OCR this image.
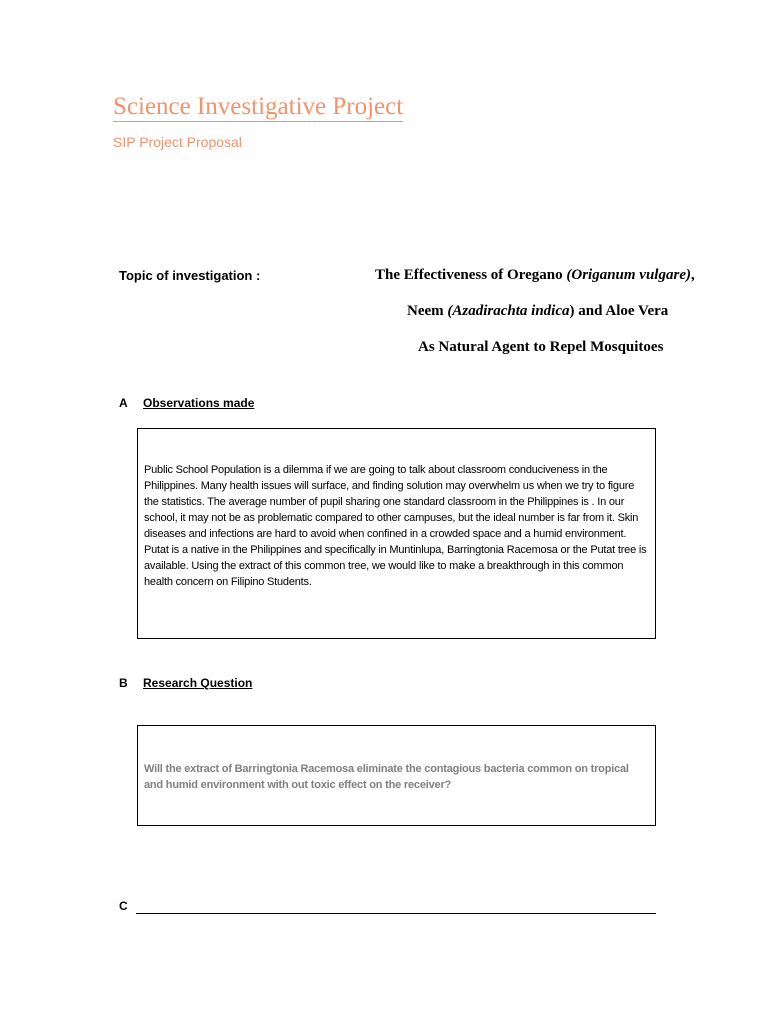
Science Investigative Project
SIP Project Proposal
Topic of investigation :	The Effectiveness of Oregano (Origanum vulgare),
Neem (Azadirachta indica) and Aloe Vera
As Natural Agent to Repel Mosquitoes
A Observations made
Public School Population is a dilemma if we are going to talk about classroom conduciveness in the Philippines. Many health issues will surface, and finding solution may overwhelm us when we try to figure the statistics. The average number of pupil sharing one standard classroom in the Philippines is . In our school, it may not be as problematic compared to other campuses, but the ideal number is far from it. Skin diseases and infections are hard to avoid when confined in a crowded space and a humid environment. Putat is a native in the Philippines and specifically in Muntinlupa, Barringtonia Racemosa or the Putat tree is available. Using the extract of this common tree, we would like to make a breakthrough in this common health concern on Filipino Students.
B Research Question
Will the extract of Barringtonia Racemosa eliminate the contagious bacteria common on tropical and humid environment with out toxic effect on the receiver?
C
